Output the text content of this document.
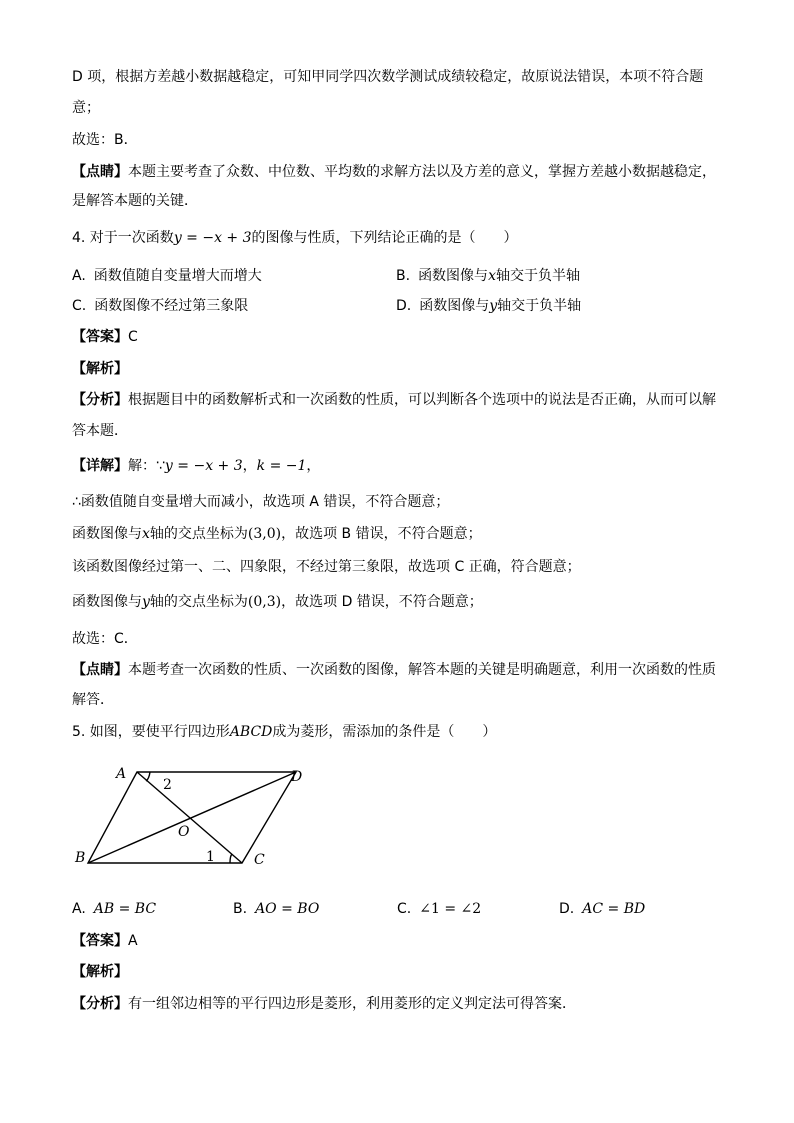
D 项，根据方差越小数据越稳定，可知甲同学四次数学测试成绩较稳定，故原说法错误，本项不符合题
意；
故选：B．
【点睛】本题主要考查了众数、中位数、平均数的求解方法以及方差的意义，掌握方差越小数据越稳定，
是解答本题的关键．
4. 对于一次函数y = −x + 3的图像与性质，下列结论正确的是（　　）
A. 函数值随自变量增大而增大	B. 函数图像与x轴交于负半轴
C. 函数图像不经过第三象限	D. 函数图像与y轴交于负半轴
【答案】C
【解析】
【分析】根据题目中的函数解析式和一次函数的性质，可以判断各个选项中的说法是否正确，从而可以解
答本题．
【详解】解：∵y = −x + 3，k = −1，
∴函数值随自变量增大而减小，故选项 A 错误，不符合题意；
函数图像与x轴的交点坐标为(3,0)，故选项 B 错误，不符合题意；
该函数图像经过第一、二、四象限，不经过第三象限，故选项 C 正确，符合题意；
函数图像与y轴的交点坐标为(0,3)，故选项 D 错误，不符合题意；
故选：C．
【点睛】本题考查一次函数的性质、一次函数的图像，解答本题的关键是明确题意，利用一次函数的性质
解答．
5. 如图，要使平行四边形ABCD成为菱形，需添加的条件是（　　）
A	D
B	C
O
2
1
A. AB = BC	B. AO = BO	C. ∠1 = ∠2	D. AC = BD
【答案】A
【解析】
【分析】有一组邻边相等的平行四边形是菱形，利用菱形的定义判定法可得答案．
